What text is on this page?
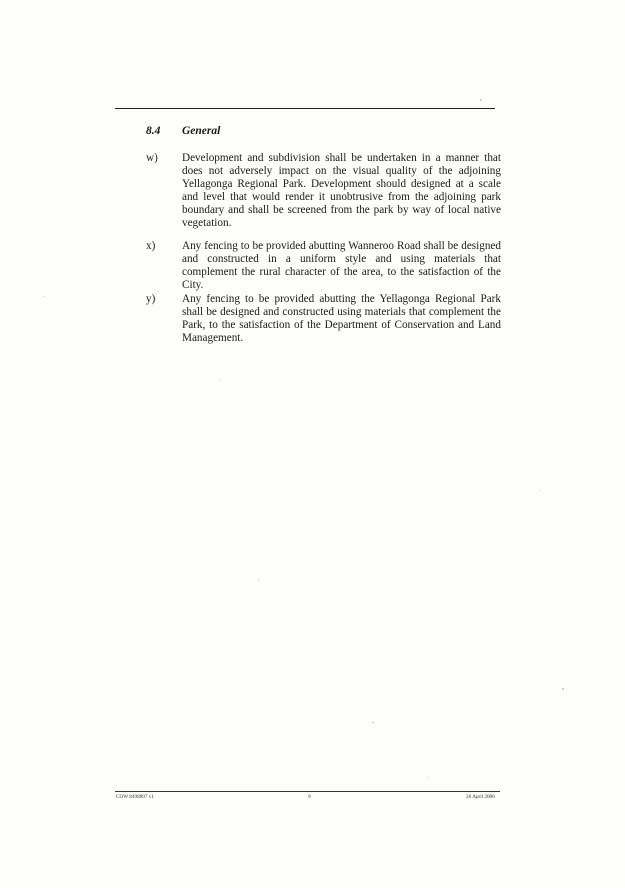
8.4 General
w) Development and subdivision shall be undertaken in a manner that does not adversely impact on the visual quality of the adjoining Yellagonga Regional Park. Development should designed at a scale and level that would render it unobtrusive from the adjoining park boundary and shall be screened from the park by way of local native vegetation.
x) Any fencing to be provided abutting Wanneroo Road shall be designed and constructed in a uniform style and using materials that complement the rural character of the area, to the satisfaction of the City.
y) Any fencing to be provided abutting the Yellagonga Regional Park shall be designed and constructed using materials that complement the Park, to the satisfaction of the Department of Conservation and Land Management.
COW 8498897 v1	9	26 April 2006
